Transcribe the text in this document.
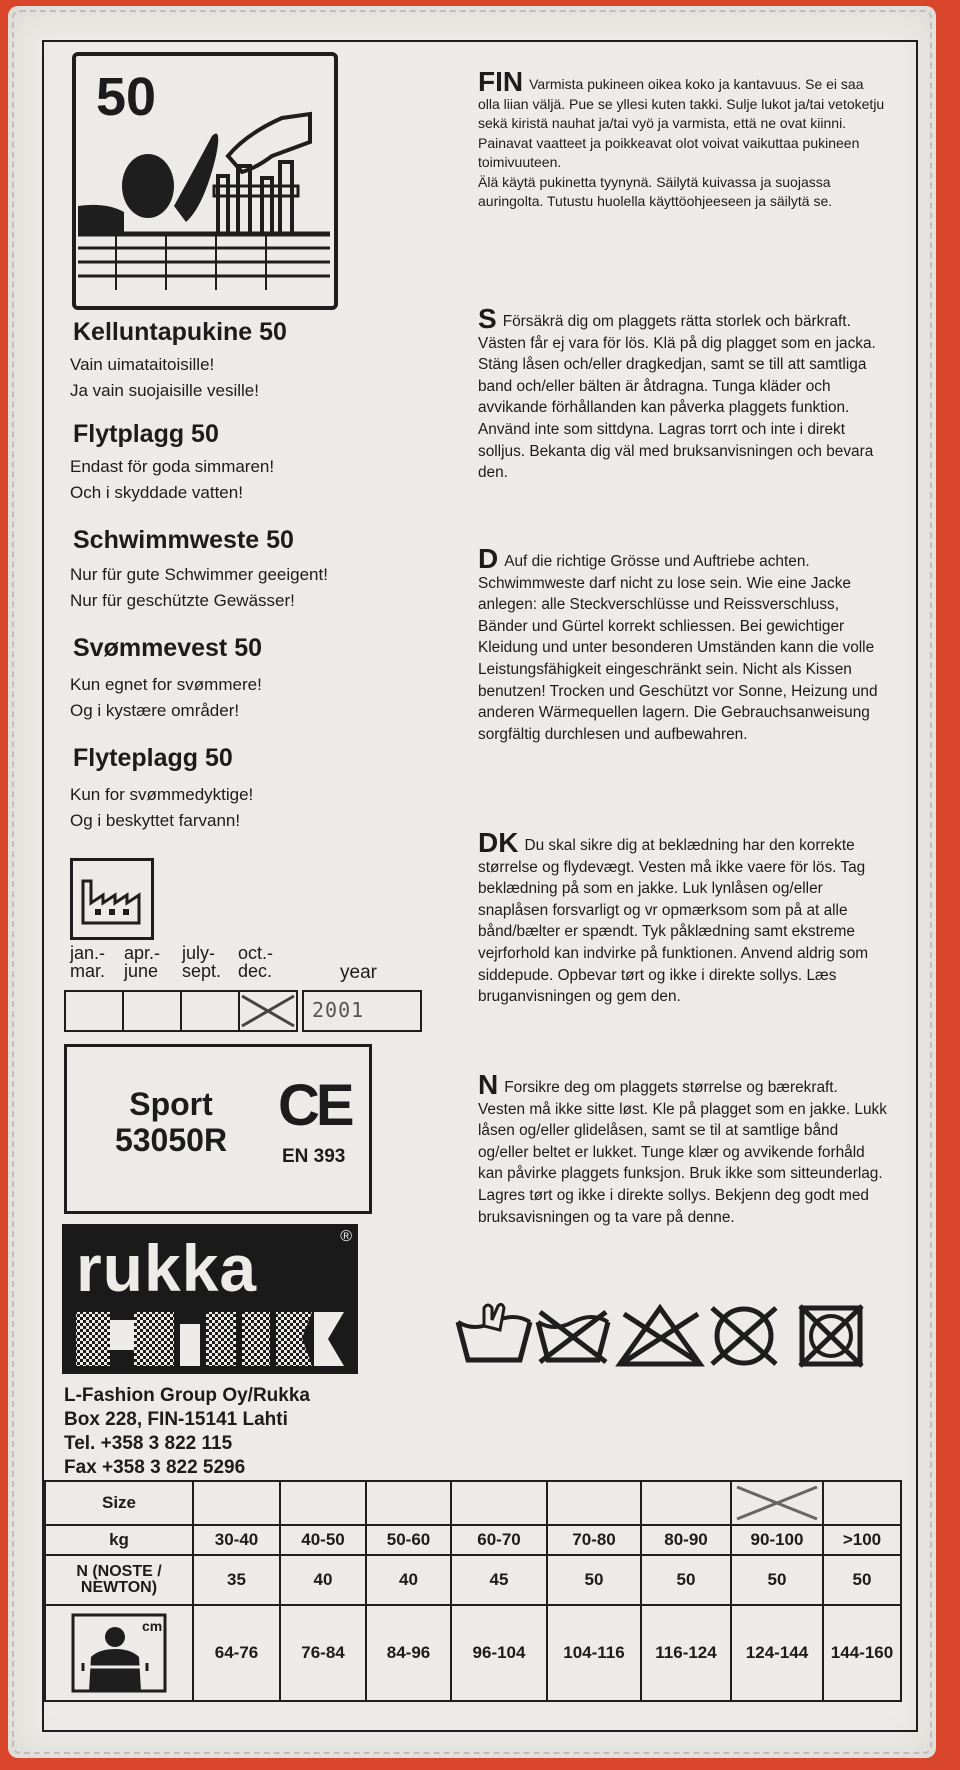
50
Kelluntapukine 50
Vain uimataitoisille!
Ja vain suojaisille vesille!
Flytplagg 50
Endast för goda simmaren!
Och i skyddade vatten!
Schwimmweste 50
Nur für gute Schwimmer geeigent!
Nur für geschützte Gewässer!
Svømmevest 50
Kun egnet for svømmere!
Og i kystære områder!
Flyteplagg 50
Kun for svømmedyktige!
Og i beskyttet farvann!
jan.-
mar.
apr.-
june
july-
sept.
oct.-
dec.	year
2001
Sport
53050R
CE
EN 393
rukka	®
L-Fashion Group Oy/Rukka
Box 228, FIN-15141 Lahti
Tel. +358 3 822 115
Fax +358 3 822 5296

FIN Varmista pukineen oikea koko ja kantavuus. Se ei saa olla liian väljä. Pue se yllesi kuten takki. Sulje lukot ja/tai vetoketju sekä kiristä nauhat ja/tai vyö ja varmista, että ne ovat kiinni. Painavat vaatteet ja poikkeavat olot voivat vaikuttaa pukineen toimivuuteen.

Älä käytä pukinetta tyynynä. Säilytä kuivassa ja suojassa auringolta. Tutustu huolella käyttöohjeeseen ja säilytä se.

S Försäkrä dig om plaggets rätta storlek och bärkraft. Västen får ej vara för lös. Klä på dig plagget som en jacka. Stäng låsen och/eller dragkedjan, samt se till att samtliga band och/eller bälten är åtdragna. Tunga kläder och avvikande förhållanden kan påverka plaggets funktion. Använd inte som sittdyna. Lagras torrt och inte i direkt solljus. Bekanta dig väl med bruksanvisningen och bevara den.

D Auf die richtige Grösse und Auftriebe achten. Schwimmweste darf nicht zu lose sein. Wie eine Jacke anlegen: alle Steckverschlüsse und Reissverschluss, Bänder und Gürtel korrekt schliessen. Bei gewichtiger Kleidung und unter besonderen Umständen kann die volle Leistungsfähigkeit eingeschränkt sein. Nicht als Kissen benutzen! Trocken und Geschützt vor Sonne, Heizung und anderen Wärmequellen lagern. Die Gebrauchsanweisung sorgfältig durchlesen und aufbewahren.

DK Du skal sikre dig at beklædning har den korrekte størrelse og flydevægt. Vesten må ikke vaere för lös. Tag beklædning på som en jakke. Luk lynlåsen og/eller snaplåsen forsvarligt og vr opmærksom som på at alle bånd/bælter er spændt. Tyk påklædning samt ekstreme vejrforhold kan indvirke på funktionen. Anvend aldrig som siddepude. Opbevar tørt og ikke i direkte sollys. Læs bruganvisningen og gem den.

N Forsikre deg om plaggets størrelse og bærekraft. Vesten må ikke sitte løst. Kle på plagget som en jakke. Lukk låsen og/eller glidelåsen, samt se til at samtlige bånd og/eller beltet er lukket. Tunge klær og avvikende forhåld kan påvirke plaggets funksjon. Bruk ikke som sitteunderlag. Lagres tørt og ikke i direkte sollys. Bekjenn deg godt med bruksavisningen og ta vare på denne.

Size							

kg	30-40	40-50	50-60	60-70	70-80	80-90	90-100	>100

N (NOSTE /
NEWTON)	35	40	40	45	50	50	50	50

cm	64-76	76-84	84-96	96-104	104-116	116-124	124-144	144-160
